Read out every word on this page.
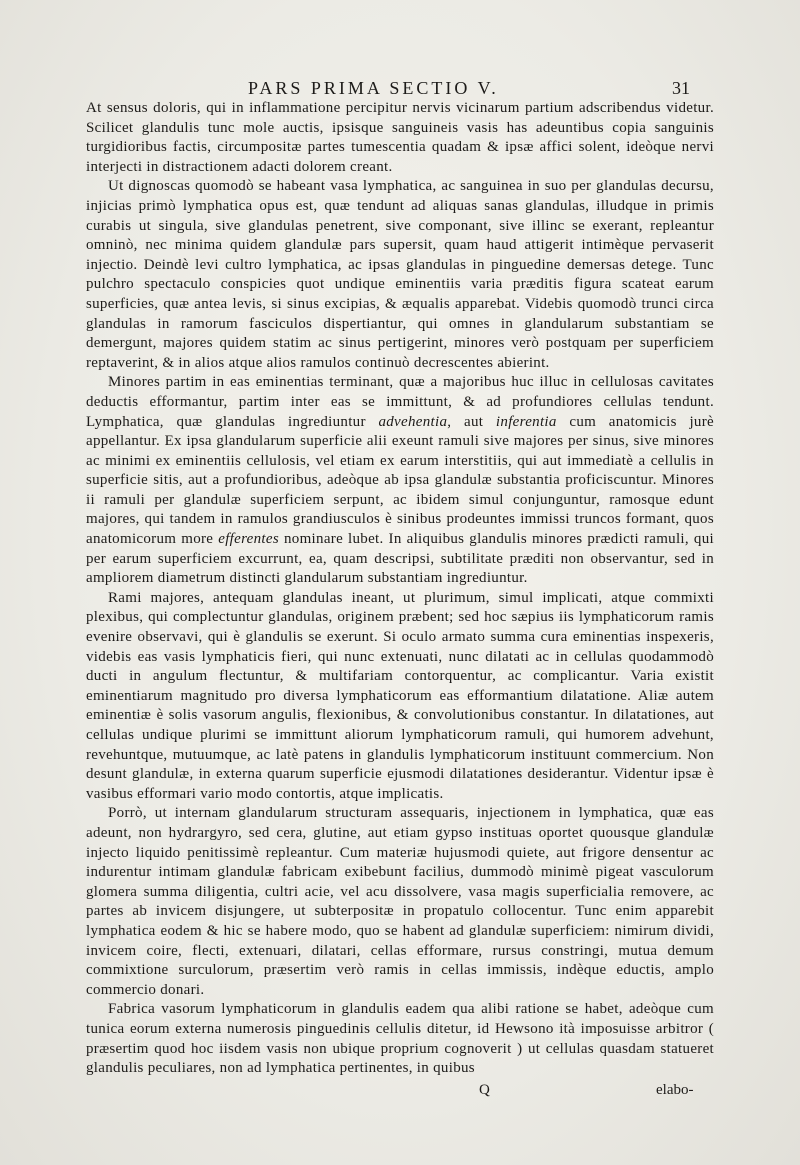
PARS PRIMA SECTIO V.	31

At sensus doloris, qui in inflammatione percipitur nervis vicinarum partium adscribendus videtur. Scilicet glandulis tunc mole auctis, ipsisque sanguineis vasis has adeuntibus copia sanguinis turgidioribus factis, circumpositæ partes tumescentia quadam & ipsæ affici solent, ideòque nervi interjecti in distractionem adacti dolorem creant.

Ut dignoscas quomodò se habeant vasa lymphatica, ac sanguinea in suo per glandulas decursu, injicias primò lymphatica opus est, quæ tendunt ad aliquas sanas glandulas, illudque in primis curabis ut singula, sive glandulas penetrent, sive componant, sive illinc se exerant, repleantur omninò, nec minima quidem glandulæ pars supersit, quam haud attigerit intimèque pervaserit injectio. Deindè levi cultro lymphatica, ac ipsas glandulas in pinguedine demersas detege. Tunc pulchro spectaculo conspicies quot undique eminentiis varia præditis figura scateat earum superficies, quæ antea levis, si sinus excipias, & æqualis apparebat. Videbis quomodò trunci circa glandulas in ramorum fasciculos dispertiantur, qui omnes in glandularum substantiam se demergunt, majores quidem statim ac sinus pertigerint, minores verò postquam per superficiem reptaverint, & in alios atque alios ramulos continuò decrescentes abierint.

Minores partim in eas eminentias terminant, quæ a majoribus huc illuc in cellulosas cavitates deductis efformantur, partim inter eas se immittunt, & ad profundiores cellulas tendunt. Lymphatica, quæ glandulas ingrediuntur advehentia, aut inferentia cum anatomicis jurè appellantur. Ex ipsa glandularum superficie alii exeunt ramuli sive majores per sinus, sive minores ac minimi ex eminentiis cellulosis, vel etiam ex earum interstitiis, qui aut immediatè a cellulis in superficie sitis, aut a profundioribus, adeòque ab ipsa glandulæ substantia proficiscuntur. Minores ii ramuli per glandulæ superficiem serpunt, ac ibidem simul conjunguntur, ramosque edunt majores, qui tandem in ramulos grandiusculos è sinibus prodeuntes immissi truncos formant, quos anatomicorum more efferentes nominare lubet. In aliquibus glandulis minores prædicti ramuli, qui per earum superficiem excurrunt, ea, quam descripsi, subtilitate præditi non observantur, sed in ampliorem diametrum distincti glandularum substantiam ingrediuntur.

Rami majores, antequam glandulas ineant, ut plurimum, simul implicati, atque commixti plexibus, qui complectuntur glandulas, originem præbent; sed hoc sæpius iis lymphaticorum ramis evenire observavi, qui è glandulis se exerunt. Si oculo armato summa cura eminentias inspexeris, videbis eas vasis lymphaticis fieri, qui nunc extenuati, nunc dilatati ac in cellulas quodammodò ducti in angulum flectuntur, & multifariam contorquentur, ac complicantur. Varia existit eminentiarum magnitudo pro diversa lymphaticorum eas efformantium dilatatione. Aliæ autem eminentiæ è solis vasorum angulis, flexionibus, & convolutionibus constantur. In dilatationes, aut cellulas undique plurimi se immittunt aliorum lymphaticorum ramuli, qui humorem advehunt, revehuntque, mutuumque, ac latè patens in glandulis lymphaticorum instituunt commercium. Non desunt glandulæ, in externa quarum superficie ejusmodi dilatationes desiderantur. Videntur ipsæ è vasibus efformari vario modo contortis, atque implicatis.

Porrò, ut internam glandularum structuram assequaris, injectionem in lymphatica, quæ eas adeunt, non hydrargyro, sed cera, glutine, aut etiam gypso instituas oportet quousque glandulæ injecto liquido penitissimè repleantur. Cum materiæ hujusmodi quiete, aut frigore densentur ac indurentur intimam glandulæ fabricam exibebunt facilius, dummodò minimè pigeat vasculorum glomera summa diligentia, cultri acie, vel acu dissolvere, vasa magis superficialia removere, ac partes ab invicem disjungere, ut subterpositæ in propatulo collocentur. Tunc enim apparebit lymphatica eodem & hic se habere modo, quo se habent ad glandulæ superficiem: nimirum dividi, invicem coire, flecti, extenuari, dilatari, cellas efformare, rursus constringi, mutua demum commixtione surculorum, præsertim verò ramis in cellas immissis, indèque eductis, amplo commercio donari.

Fabrica vasorum lymphaticorum in glandulis eadem qua alibi ratione se habet, adeòque cum tunica eorum externa numerosis pinguedinis cellulis ditetur, id Hewsono ità imposuisse arbitror ( præsertim quod hoc iisdem vasis non ubique proprium cognoverit ) ut cellulas quasdam statueret glandulis peculiares, non ad lymphatica pertinentes, in quibus

Q	elabo-
